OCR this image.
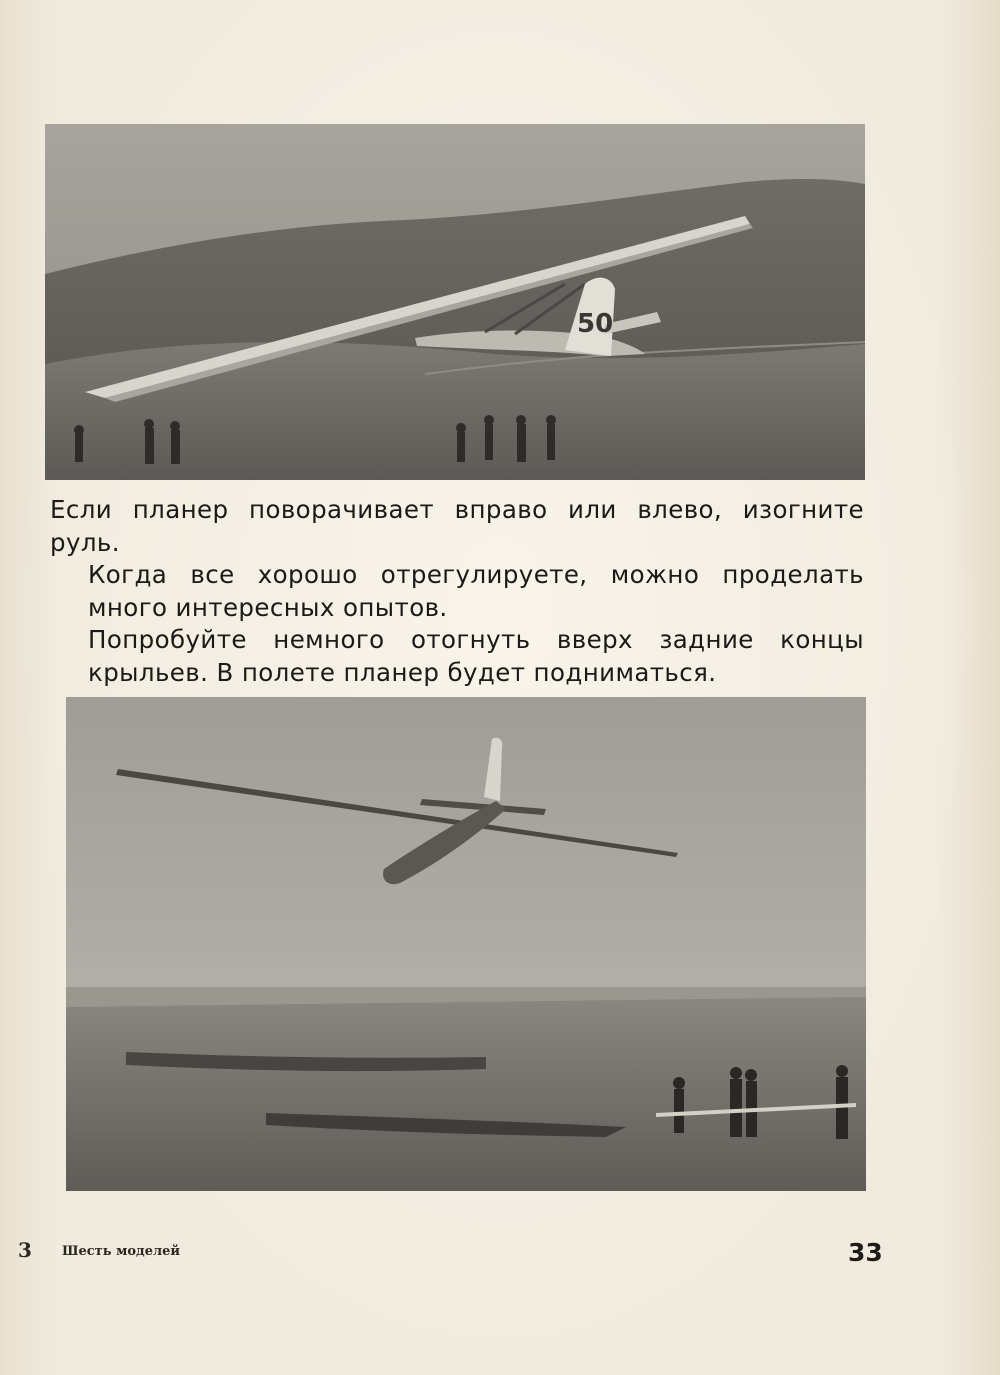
50

Если планер поворачивает вправо или влево, изогните руль.

Когда все хорошо отрегулируете, можно проделать много интересных опытов.

Попробуйте немного отогнуть вверх задние концы крыльев. В полете планер будет подниматься.

3 Шесть моделей	33
